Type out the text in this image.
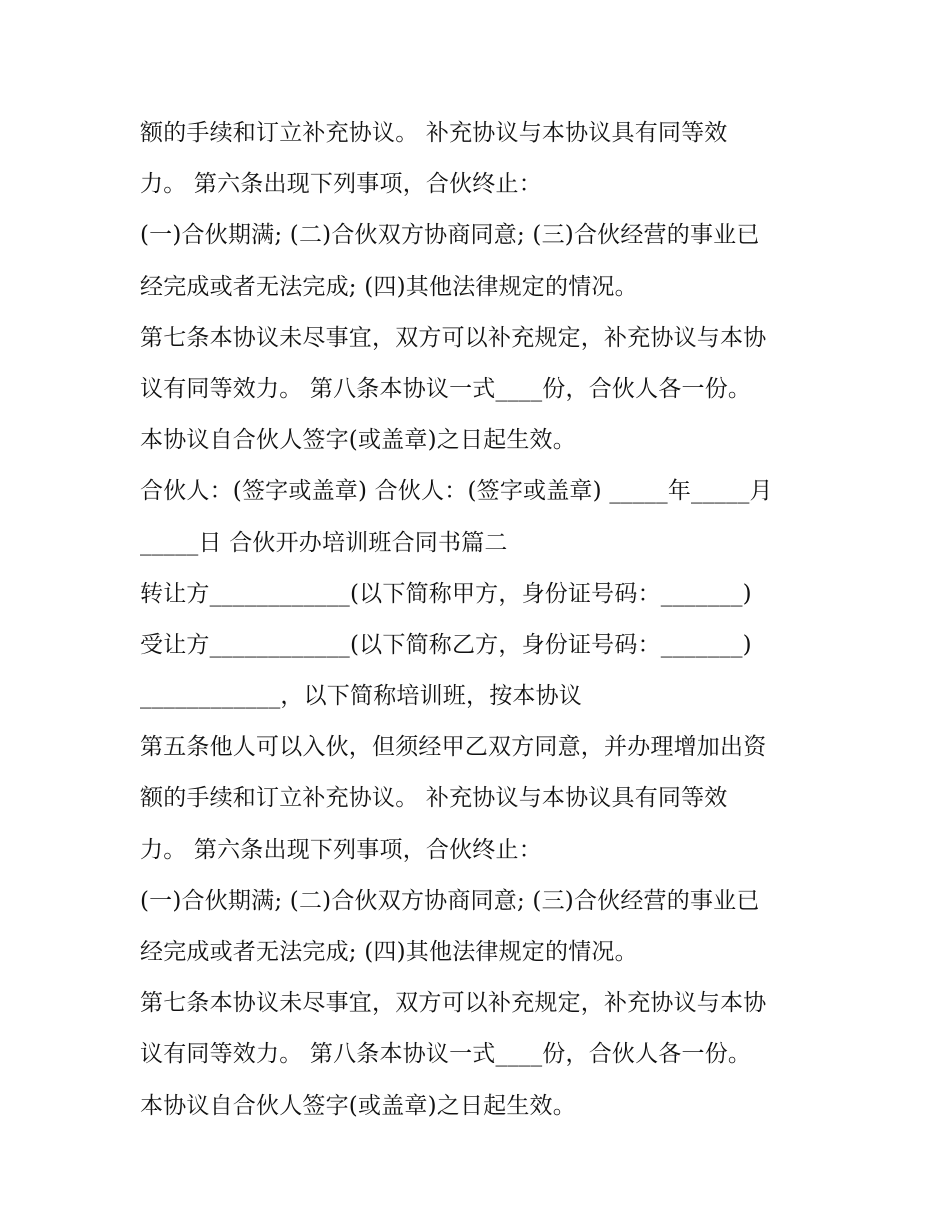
额的手续和订立补充协议。 补充协议与本协议具有同等效
力。 第六条出现下列事项，合伙终止：
(一)合伙期满; (二)合伙双方协商同意; (三)合伙经营的事业已
经完成或者无法完成; (四)其他法律规定的情况。
第七条本协议未尽事宜，双方可以补充规定，补充协议与本协
议有同等效力。 第八条本协议一式____份，合伙人各一份。
本协议自合伙人签字(或盖章)之日起生效。
合伙人：(签字或盖章) 合伙人：(签字或盖章) _____年_____月
_____日 合伙开办培训班合同书篇二
转让方____________(以下简称甲方，身份证号码：_______)
受让方____________(以下简称乙方，身份证号码：_______)
____________，以下简称培训班，按本协议
第五条他人可以入伙，但须经甲乙双方同意，并办理增加出资
额的手续和订立补充协议。 补充协议与本协议具有同等效
力。 第六条出现下列事项，合伙终止：
(一)合伙期满; (二)合伙双方协商同意; (三)合伙经营的事业已
经完成或者无法完成; (四)其他法律规定的情况。
第七条本协议未尽事宜，双方可以补充规定，补充协议与本协
议有同等效力。 第八条本协议一式____份，合伙人各一份。
本协议自合伙人签字(或盖章)之日起生效。
